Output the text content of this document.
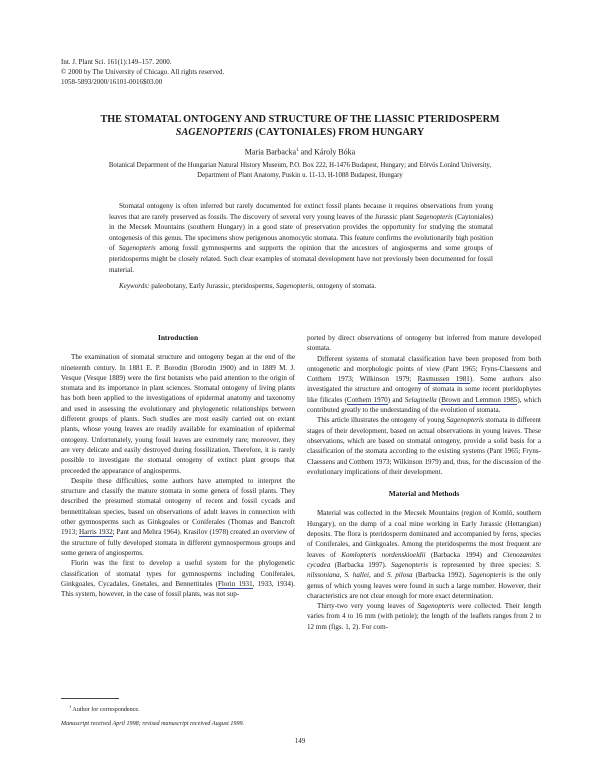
Int. J. Plant Sci. 161(1):149–157. 2000.
© 2000 by The University of Chicago. All rights reserved.
1058-5893/2000/16101-0016$03.00
THE STOMATAL ONTOGENY AND STRUCTURE OF THE LIASSIC PTERIDOSPERM
SAGENOPTERIS (CAYTONIALES) FROM HUNGARY
Maria Barbacka$^1$ and Károly Bóka
Botanical Department of the Hungarian Natural History Museum, P.O. Box 222, H-1476 Budapest, Hungary; and Eötvös Loránd University,
Department of Plant Anatomy, Puskin u. 11-13, H-1088 Budapest, Hungary

Stomatal ontogeny is often inferred but rarely documented for extinct fossil plants because it requires observations from young leaves that are rarely preserved as fossils. The discovery of several very young leaves of the Jurassic plant Sagenopteris (Caytoniales) in the Mecsek Mountains (southern Hungary) in a good state of preservation provides the opportunity for studying the stomatal ontogenesis of this genus. The specimens show perigenous anomocytic stomata. This feature confirms the evolutionarily high position of Sagenopteris among fossil gymnosperms and supports the opinion that the ancestors of angiosperms and some groups of pteridosperms might be closely related. Such clear examples of stomatal development have not previously been documented for fossil material.

Keywords: paleobotany, Early Jurassic, pteridosperms, Sagenopteris, ontogeny of stomata.

Introduction

The examination of stomatal structure and ontogeny began at the end of the nineteenth century. In 1881 E. P. Borodin (Borodin 1900) and in 1889 M. J. Vesque (Vesque 1889) were the first botanists who paid attention to the origin of stomata and its importance in plant sciences. Stomatal ontogeny of living plants has both been applied to the investigations of epidermal anatomy and taxonomy and used in assessing the evolutionary and phylogenetic relationships between different groups of plants. Such studies are most easily carried out on extant plants, whose young leaves are readily available for examination of epidermal ontogeny. Unfortunately, young fossil leaves are extremely rare; moreover, they are very delicate and easily destroyed during fossilization. Therefore, it is rarely possible to investigate the stomatal ontogeny of extinct plant groups that preceeded the appearance of angiosperms.

Despite these difficulties, some authors have attempted to interpret the structure and classify the mature stomata in some genera of fossil plants. They described the presumed stomatal ontogeny of recent and fossil cycads and bennettitalean species, based on observations of adult leaves in connection with other gymnosperms such as Ginkgoales or Coniferales (Thomas and Bancroft 1913; Harris 1932; Pant and Mehra 1964). Krasilov (1978) created an overview of the structure of fully developed stomata in different gymnospermous groups and some genera of angiosperms.

Florin was the first to develop a useful system for the phylogenetic classification of stomatal types for gymnosperms including Coniferales, Ginkgoales, Cycadales, Gnetales, and Bennettitales (Florin 1931, 1933, 1934). This system, however, in the case of fossil plants, was not sup-

ported by direct observations of ontogeny but inferred from mature developed stomata.

Different systems of stomatal classification have been proposed from both ontogenetic and morphologic points of view (Pant 1965; Fryns-Claessens and Cotthem 1973; Wilkinson 1979; Rasmussen 1981). Some authors also investigated the structure and ontogeny of stomata in some recent pteridophytes like filicales (Cotthem 1970) and Selaginella (Brown and Lemmon 1985), which contributed greatly to the understanding of the evolution of stomata.

This article illustrates the ontogeny of young Sagenopteris stomata in different stages of their development, based on actual observations in young leaves. These observations, which are based on stomatal ontogeny, provide a solid basis for a classification of the stomata according to the existing systems (Pant 1965; Fryns-Claessens and Cotthem 1973; Wilkinson 1979) and, thus, for the discussion of the evolutionary implications of their development.

Material and Methods

Material was collected in the Mecsek Mountains (region of Komló, southern Hungary), on the dump of a coal mine working in Early Jurassic (Hettangian) deposits. The flora is pteridosperm dominated and accompanied by ferns, species of Coniferales, and Ginkgoales. Among the pteridosperms the most frequent are leaves of Komlopteris nordenskioeldii (Barbacka 1994) and Ctenozamites cycadea (Barbacka 1997). Sagenopteris is represented by three species: S. nilssoniana, S. hallei, and S. pilosa (Barbacka 1992). Sagenopteris is the only genus of which young leaves were found in such a large number. However, their characteristics are not clear enough for more exact determination.

Thirty-two very young leaves of Sagenopteris were collected. Their length varies from 4 to 16 mm (with petiole); the length of the leaflets ranges from 2 to 12 mm (figs. 1, 2). For com-

$^1$ Author for correspondence.
Manuscript received April 1998; revised manuscript received August 1999.
149
